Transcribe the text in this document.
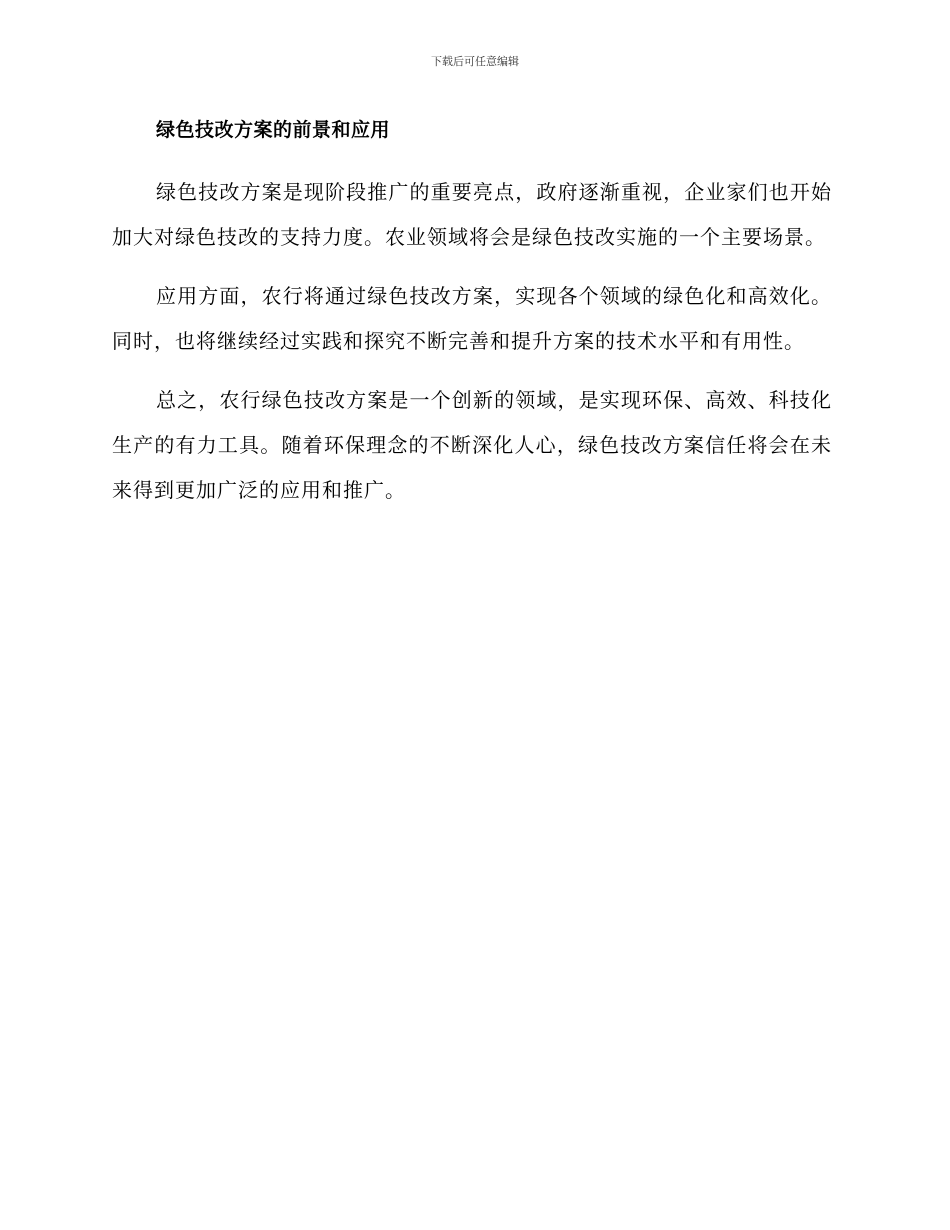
下载后可任意编辑
绿色技改方案的前景和应用

绿色技改方案是现阶段推广的重要亮点，政府逐渐重视，企业家们也开始加大对绿色技改的支持力度。农业领域将会是绿色技改实施的一个主要场景。

应用方面，农行将通过绿色技改方案，实现各个领域的绿色化和高效化。同时，也将继续经过实践和探究不断完善和提升方案的技术水平和有用性。

总之，农行绿色技改方案是一个创新的领域，是实现环保、高效、科技化生产的有力工具。随着环保理念的不断深化人心，绿色技改方案信任将会在未来得到更加广泛的应用和推广。
